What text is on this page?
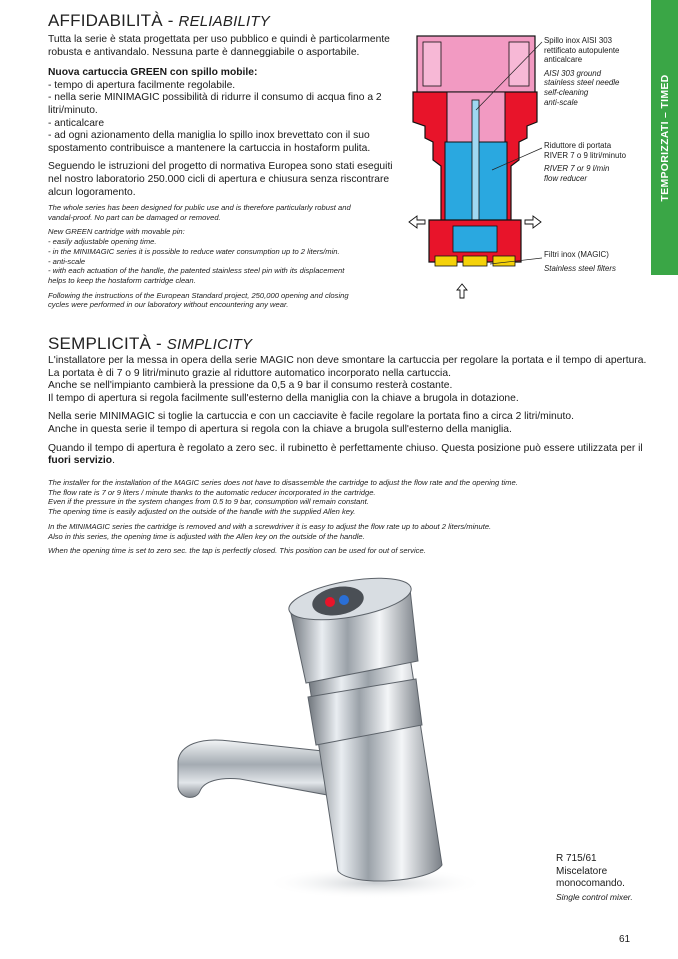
TEMPORIZZATI – TIMED
AFFIDABILITÀ - RELIABILITY

Tutta la serie è stata progettata per uso pubblico e quindi è particolarmente
robusta e antivandalo. Nessuna parte è danneggiabile o asportabile.

Nuova cartuccia GREEN con spillo mobile:
- tempo di apertura facilmente regolabile.
- nella serie MINIMAGIC possibilità di ridurre il consumo di acqua fino a 2
litri/minuto.
- anticalcare
- ad ogni azionamento della maniglia lo spillo inox brevettato con il suo
spostamento contribuisce a mantenere la cartuccia in hostaform pulita.

Seguendo le istruzioni del progetto di normativa Europea sono stati eseguiti
nel nostro laboratorio 250.000 cicli di apertura e chiusura senza riscontrare
alcun logoramento.

The whole series has been designed for public use and is therefore particularly robust and
vandal-proof. No part can be damaged or removed.

New GREEN cartridge with movable pin:
- easily adjustable opening time.
- in the MINIMAGIC series it is possible to reduce water consumption up to 2 liters/min.
- anti-scale
- with each actuation of the handle, the patented stainless steel pin with its displacement
helps to keep the hostaform cartridge clean.

Following the instructions of the European Standard project, 250,000 opening and closing
cycles were performed in our laboratory without encountering any wear.

Spillo inox AISI 303
rettificato autopulente
anticalcare
AISI 303 ground
stainless steel needle
self-cleaning
anti-scale
Riduttore di portata
RIVER 7 o 9 litri/minuto
RIVER 7 or 9 l/min
flow reducer
Filtri inox (MAGIC)
Stainless steel filters
SEMPLICITÀ - SIMPLICITY

L'installatore per la messa in opera della serie MAGIC non deve smontare la cartuccia per regolare la portata e il tempo di apertura.
La portata è di 7 o 9 litri/minuto grazie al riduttore automatico incorporato nella cartuccia.
Anche se nell'impianto cambierà la pressione da 0,5 a 9 bar il consumo resterà costante.
Il tempo di apertura si regola facilmente sull'esterno della maniglia con la chiave a brugola in dotazione.

Nella serie MINIMAGIC si toglie la cartuccia e con un cacciavite è facile regolare la portata fino a circa 2 litri/minuto.
Anche in questa serie il tempo di apertura si regola con la chiave a brugola sull'esterno della maniglia.

Quando il tempo di apertura è regolato a zero sec. il rubinetto è perfettamente chiuso. Questa posizione può essere utilizzata per il
fuori servizio.

The installer for the installation of the MAGIC series does not have to disassemble the cartridge to adjust the flow rate and the opening time.
The flow rate is 7 or 9 liters / minute thanks to the automatic reducer incorporated in the cartridge.
Even if the pressure in the system changes from 0.5 to 9 bar, consumption will remain constant.
The opening time is easily adjusted on the outside of the handle with the supplied Allen key.

In the MINIMAGIC series the cartridge is removed and with a screwdriver it is easy to adjust the flow rate up to about 2 liters/minute.
Also in this series, the opening time is adjusted with the Allen key on the outside of the handle.

When the opening time is set to zero sec. the tap is perfectly closed. This position can be used for out of service.

R 715/61
Miscelatore
monocomando.
Single control mixer.
61
